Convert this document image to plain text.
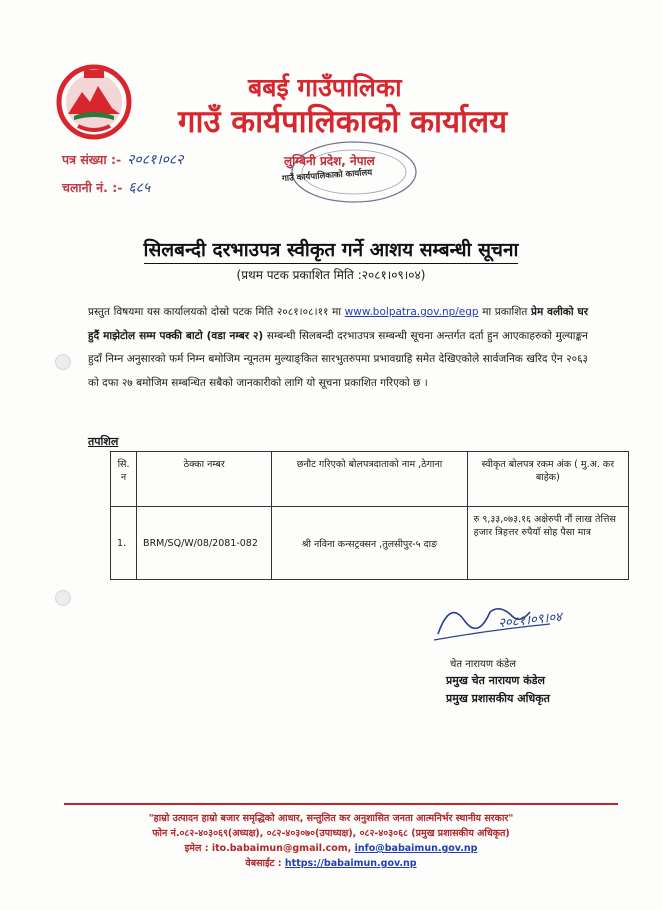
बबई गाउँपालिका
गाउँ कार्यपालिकाको कार्यालय
पत्र संख्या :- २०८१।०८२
चलानी नं. :- ६८५
लुम्बिनी प्रदेश, नेपाल
गाउँ कार्यपालिकाको कार्यालय
सिलबन्दी दरभाउपत्र स्वीकृत गर्ने आशय सम्बन्धी सूचना
(प्रथम पटक प्रकाशित मिति :२०८१।०९।०४)
प्रस्तुत विषयमा यस कार्यालयको दोस्रो पटक मिति २०८१।०८।११ मा www.bolpatra.gov.np/egp मा प्रकाशित प्रेम वलीको घर हुदैं माझेटोल सम्म पक्की बाटो (वडा नम्बर २) सम्बन्धी सिलबन्दी दरभाउपत्र सम्बन्धी सूचना अन्तर्गत दर्ता हुन आएकाहरुको मुल्याङ्कन हुदाँ निम्न अनुसारको फर्म निम्न बमोजिम न्यूनतम मुल्याङ्‌कित सारभुतरुपमा प्रभावग्राहि समेत देखिएकोले सार्वजनिक खरिद ऐन २०६३ को दफा २७ बमोजिम सम्बन्धित सबैको जानकारीको लागि यो सूचना प्रकाशित गरिएको छ ।
तपशिल
सि. न	ठेक्का नम्बर	छनौट गरिएको बोलपत्रदाताको नाम ,ठेगाना	स्वीकृत बोलपत्र रकम अंक ( मु.अ. कर बाहेक)
1.	BRM/SQ/W/08/2081-082	श्री नविना कन्सट्रक्सन ,तुलसीपुर-५ दाङ	रु ९,३३,०७३.१६ अक्षेरुपी नौं लाख तेत्तिस हजार त्रिहत्तर रुपैयाँ सोह पैसा मात्र
२०८१।०९।०४
चेत नारायण कंडेल
प्रमुख चेत नारायण कंडेल
प्रमुख प्रशासकीय अधिकृत
"हाम्रो उत्पादन हाम्रो बजार समृद्धिको आधार, सन्तुलित कर अनुशासित जनता आत्मनिर्भर स्थानीय सरकार"
फोन नं.०८२-४०३०६९(अध्यक्ष), ०८२-४०३०७०(उपाध्यक्ष), ०८२-४०३०६८ (प्रमुख प्रशासकीय अधिकृत)
इमेल : ito.babaimun@gmail.com, info@babaimun.gov.np
वेबसाईट : https://babaimun.gov.np
